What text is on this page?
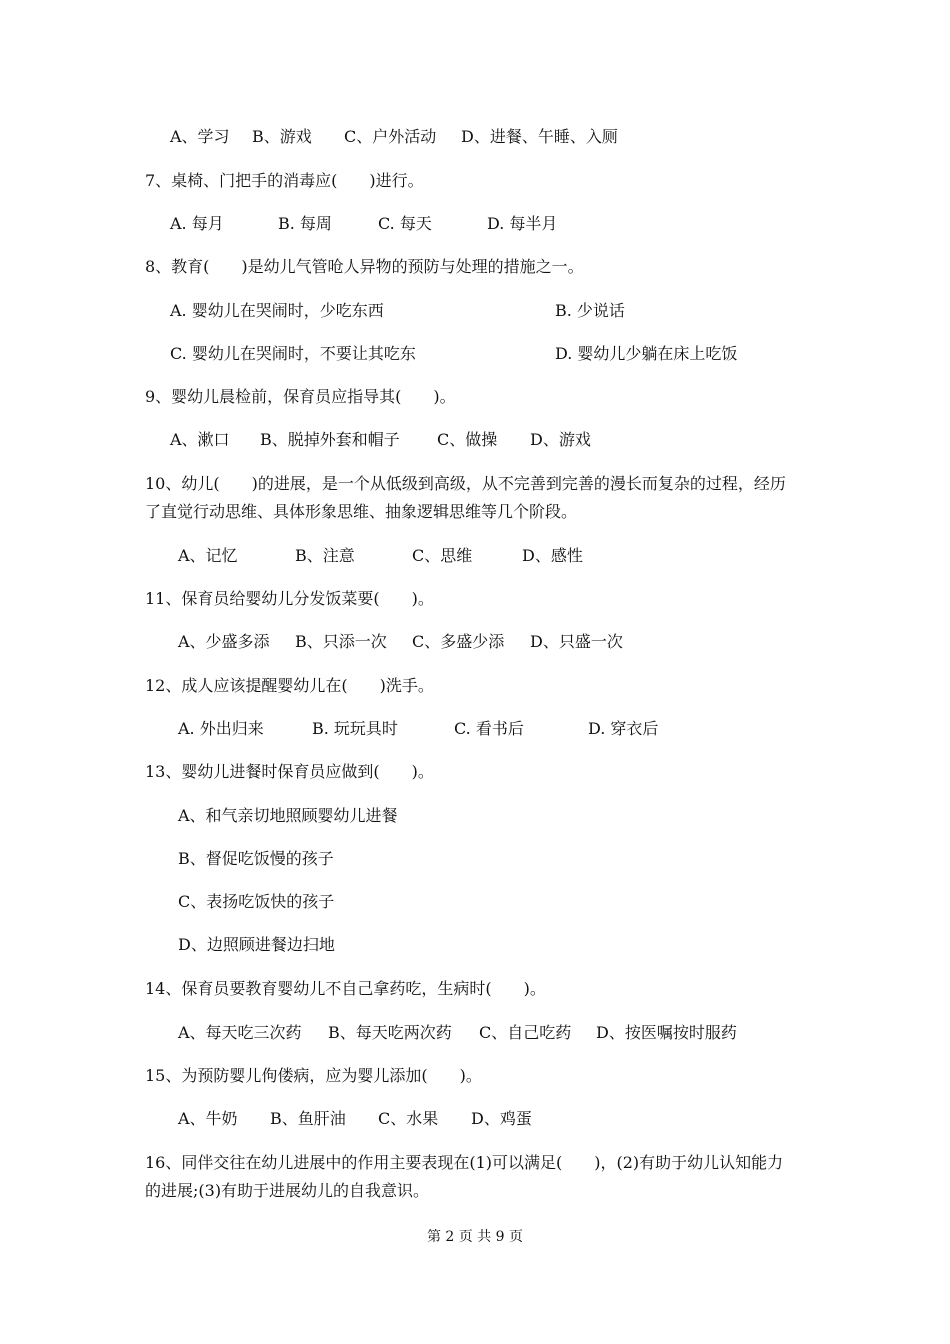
A、学习 B、游戏 C、户外活动 D、进餐、午睡、入厕
7、桌椅、门把手的消毒应(　　)进行。
A. 每月	B. 每周	C. 每天	D. 每半月
8、教育(　　)是幼儿气管呛人异物的预防与处理的措施之一。
A. 婴幼儿在哭闹时，少吃东西	B. 少说话
C. 婴幼儿在哭闹时，不要让其吃东	D. 婴幼儿少躺在床上吃饭
9、婴幼儿晨检前，保育员应指导其(　　)。
A、漱口 B、脱掉外套和帽子 C、做操 D、游戏
10、幼儿(　　)的进展，是一个从低级到高级，从不完善到完善的漫长而复杂的过程，经历
了直觉行动思维、具体形象思维、抽象逻辑思维等几个阶段。
A、记忆	B、注意	C、思维	D、感性
11、保育员给婴幼儿分发饭菜要(　　)。
A、少盛多添 B、只添一次 C、多盛少添 D、只盛一次
12、成人应该提醒婴幼儿在(　　)洗手。
A. 外出归来	B. 玩玩具时	C. 看书后	D. 穿衣后
13、婴幼儿进餐时保育员应做到(　　)。
A、和气亲切地照顾婴幼儿进餐
B、督促吃饭慢的孩子
C、表扬吃饭快的孩子
D、边照顾进餐边扫地
14、保育员要教育婴幼儿不自己拿药吃，生病时(　　)。
A、每天吃三次药 B、每天吃两次药 C、自己吃药 D、按医嘱按时服药
15、为预防婴儿佝偻病，应为婴儿添加(　　)。
A、牛奶 B、鱼肝油 C、水果 D、鸡蛋
16、同伴交往在幼儿进展中的作用主要表现在(1)可以满足(　　)，(2)有助于幼儿认知能力
的进展;(3)有助于进展幼儿的自我意识。
第 2 页 共 9 页
